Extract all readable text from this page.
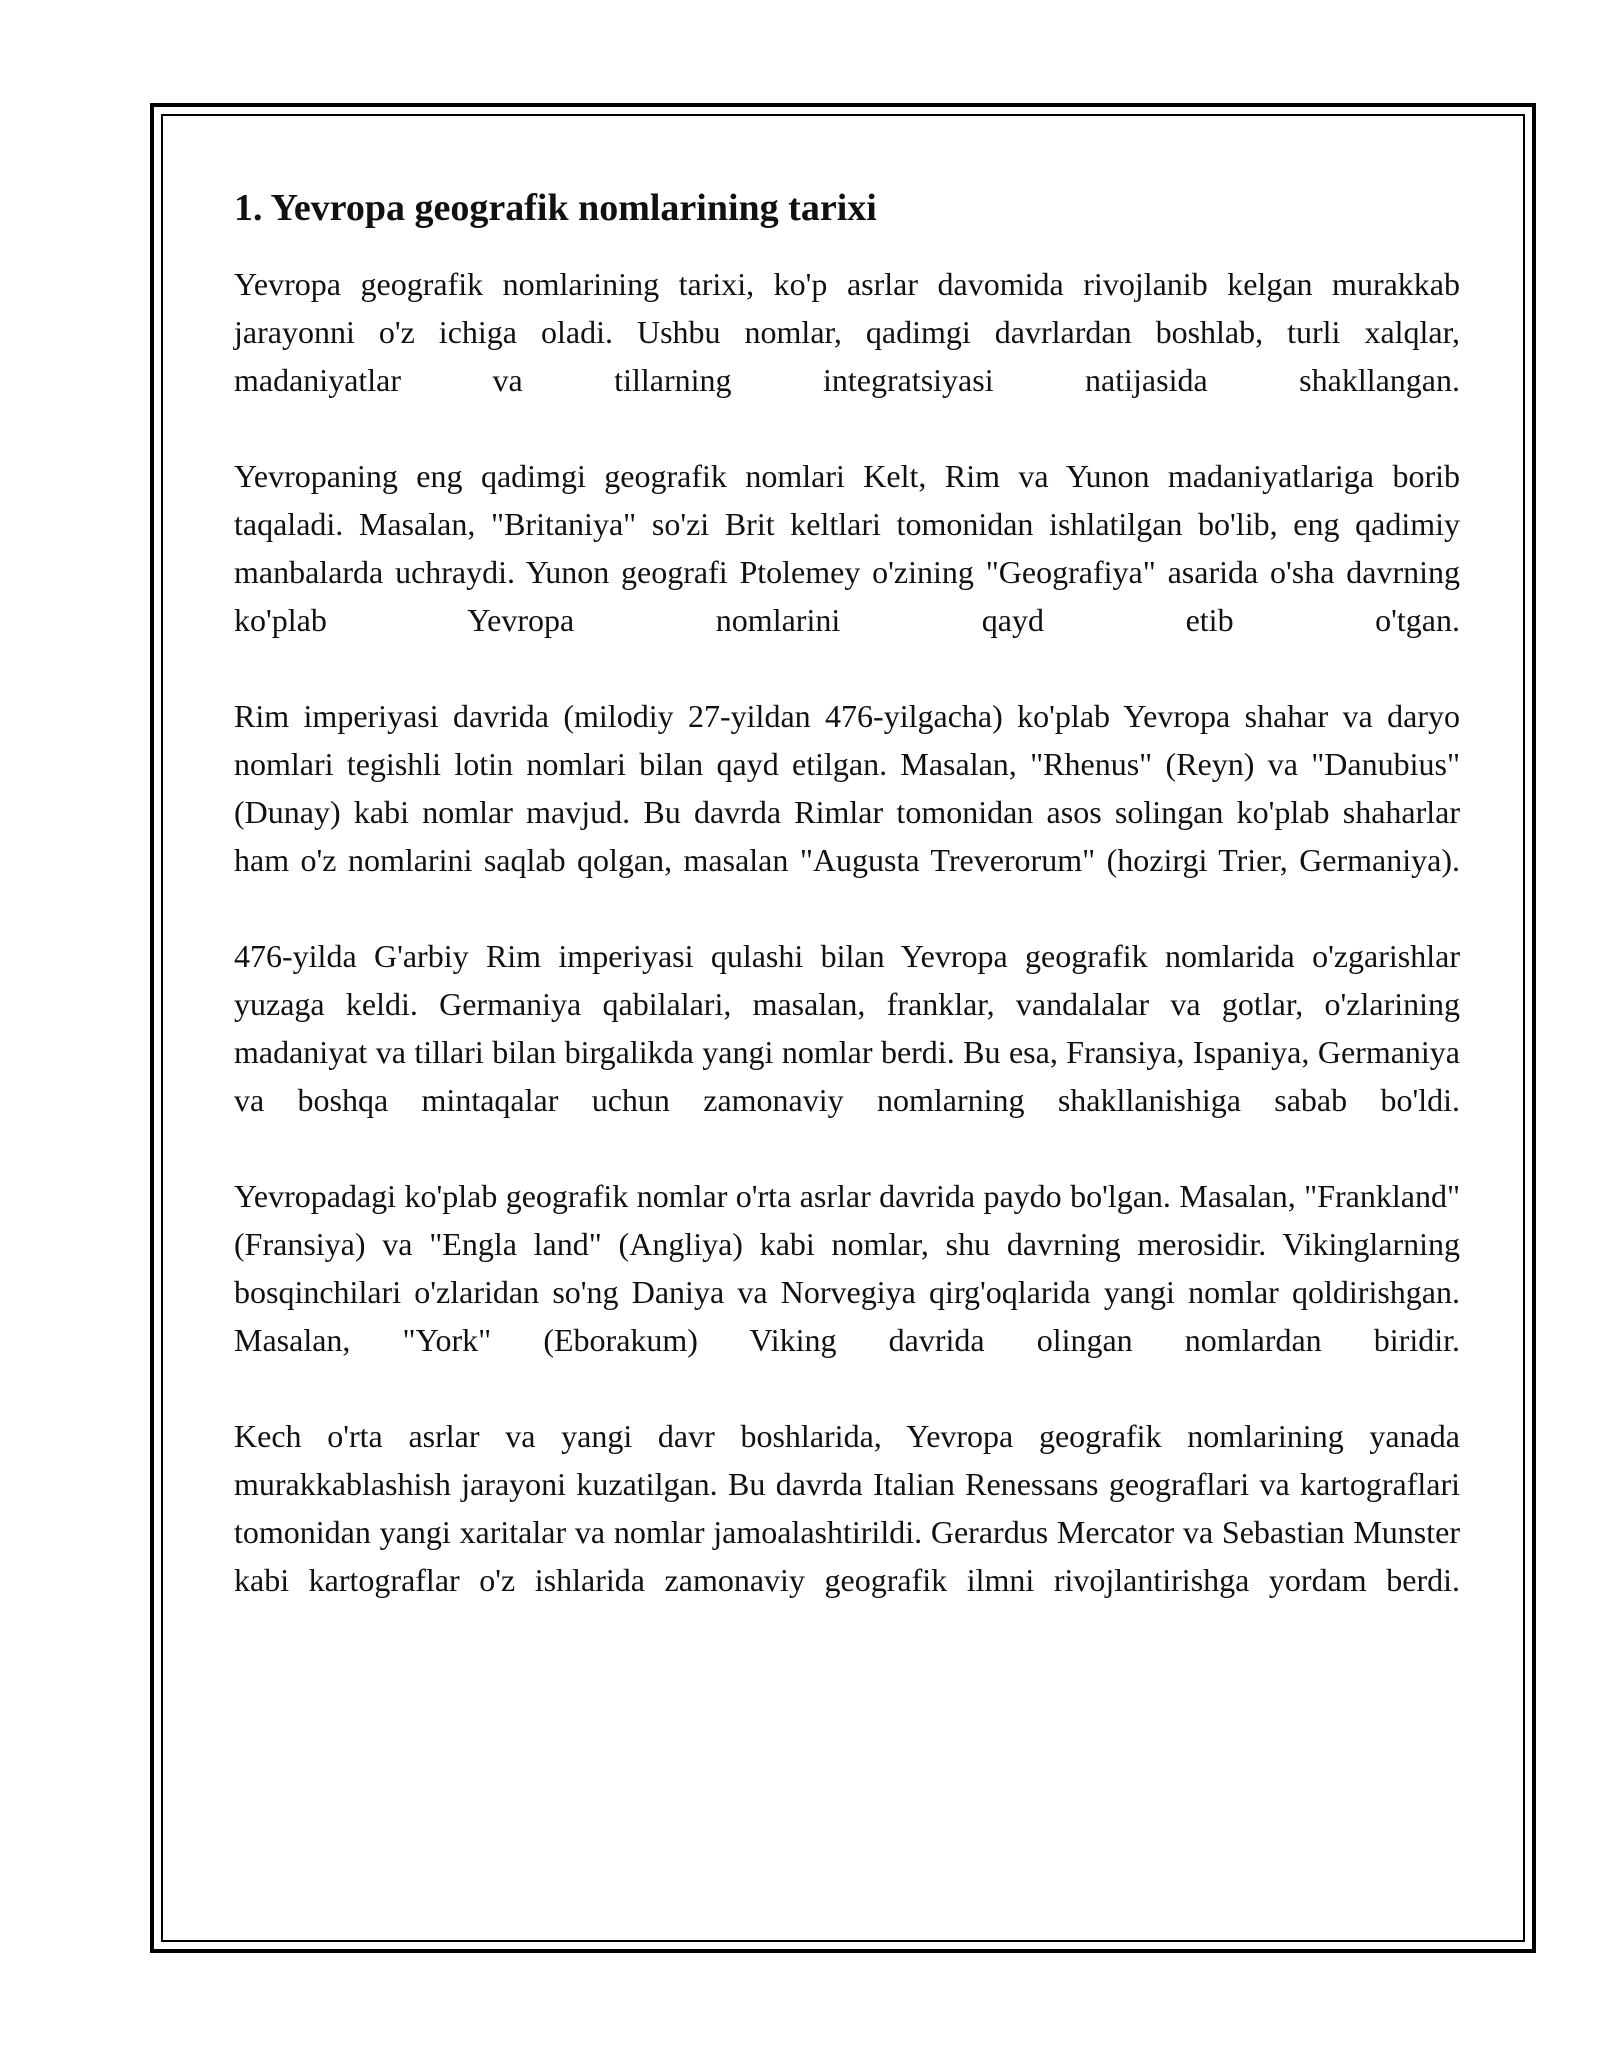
1. Yevropa geografik nomlarining tarixi

Yevropa geografik nomlarining tarixi, ko'p asrlar davomida rivojlanib kelgan murakkab jarayonni o'z ichiga oladi. Ushbu nomlar, qadimgi davrlardan boshlab, turli xalqlar, madaniyatlar va tillarning integratsiyasi natijasida shakllangan.

Yevropaning eng qadimgi geografik nomlari Kelt, Rim va Yunon madaniyatlariga borib taqaladi. Masalan, "Britaniya" so'zi Brit keltlari tomonidan ishlatilgan bo'lib, eng qadimiy manbalarda uchraydi. Yunon geografi Ptolemey o'zining "Geografiya" asarida o'sha davrning ko'plab Yevropa nomlarini qayd etib o'tgan.

Rim imperiyasi davrida (milodiy 27-yildan 476-yilgacha) ko'plab Yevropa shahar va daryo nomlari tegishli lotin nomlari bilan qayd etilgan. Masalan, "Rhenus" (Reyn) va "Danubius" (Dunay) kabi nomlar mavjud. Bu davrda Rimlar tomonidan asos solingan ko'plab shaharlar ham o'z nomlarini saqlab qolgan, masalan "Augusta Treverorum" (hozirgi Trier, Germaniya).

476-yilda G'arbiy Rim imperiyasi qulashi bilan Yevropa geografik nomlarida o'zgarishlar yuzaga keldi. Germaniya qabilalari, masalan, franklar, vandalalar va gotlar, o'zlarining madaniyat va tillari bilan birgalikda yangi nomlar berdi. Bu esa, Fransiya, Ispaniya, Germaniya va boshqa mintaqalar uchun zamonaviy nomlarning shakllanishiga sabab bo'ldi.

Yevropadagi ko'plab geografik nomlar o'rta asrlar davrida paydo bo'lgan. Masalan, "Frankland" (Fransiya) va "Engla land" (Angliya) kabi nomlar, shu davrning merosidir. Vikinglarning bosqinchilari o'zlaridan so'ng Daniya va Norvegiya qirg'oqlarida yangi nomlar qoldirishgan. Masalan, "York" (Eborakum) Viking davrida olingan nomlardan biridir.

Kech o'rta asrlar va yangi davr boshlarida, Yevropa geografik nomlarining yanada murakkablashish jarayoni kuzatilgan. Bu davrda Italian Renessans geograflari va kartograflari tomonidan yangi xaritalar va nomlar jamoalashtirildi. Gerardus Mercator va Sebastian Munster kabi kartograflar o'z ishlarida zamonaviy geografik ilmni rivojlantirishga yordam berdi.
